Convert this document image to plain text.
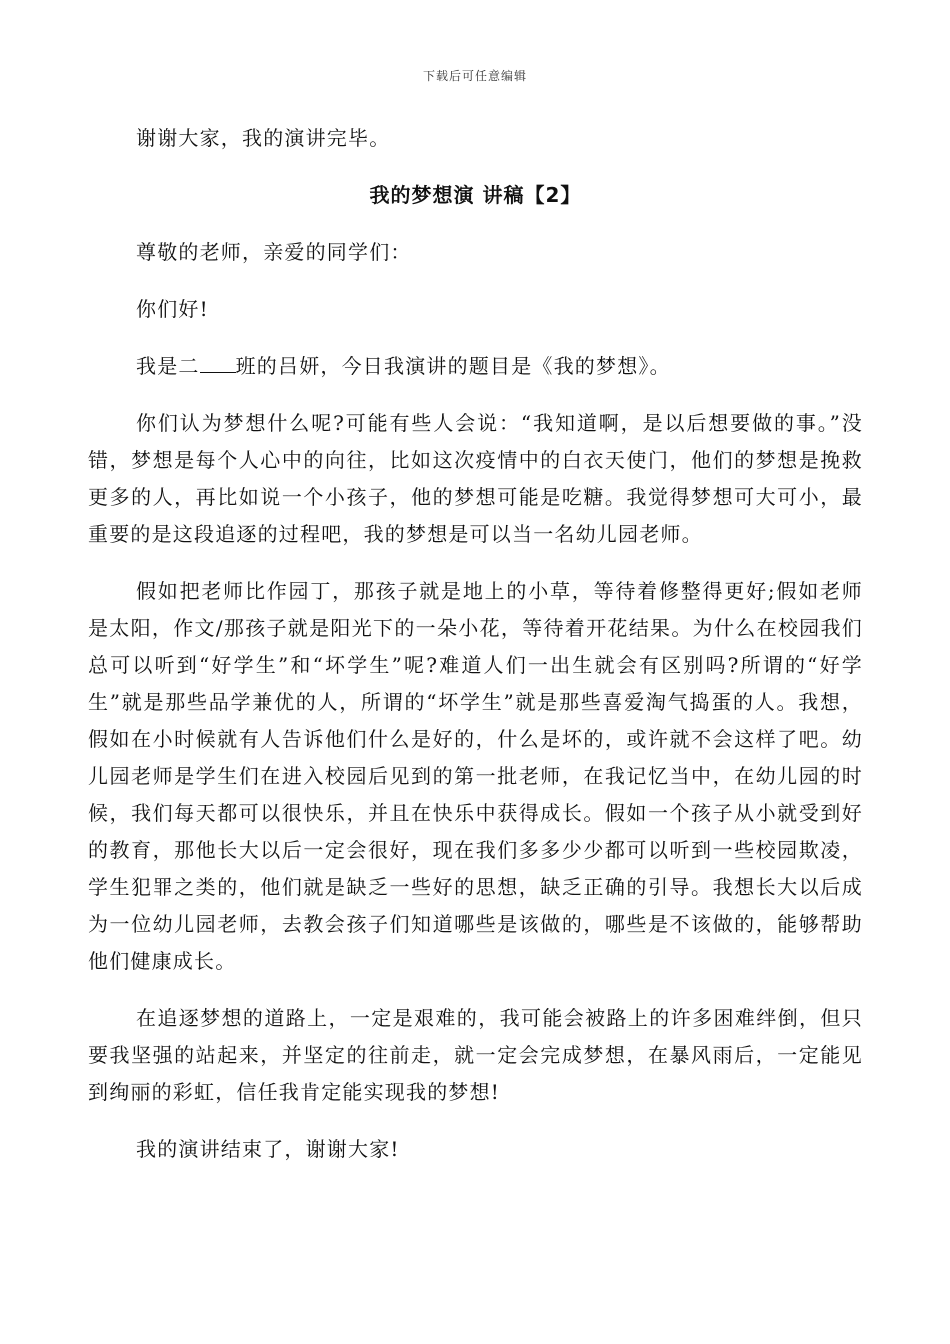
下载后可任意编辑

谢谢大家，我的演讲完毕。

我的梦想演 讲稿【2】

尊敬的老师，亲爱的同学们：

你们好!

我是二 班的吕妍，今日我演讲的题目是《我的梦想》。

你们认为梦想什么呢?可能有些人会说：“我知道啊，是以后想要做的事。”没错，梦想是每个人心中的向往，比如这次疫情中的白衣天使门，他们的梦想是挽救更多的人，再比如说一个小孩子，他的梦想可能是吃糖。我觉得梦想可大可小，最重要的是这段追逐的过程吧，我的梦想是可以当一名幼儿园老师。

假如把老师比作园丁，那孩子就是地上的小草，等待着修整得更好;假如老师是太阳，作文/那孩子就是阳光下的一朵小花，等待着开花结果。为什么在校园我们总可以听到“好学生”和“坏学生”呢?难道人们一出生就会有区别吗?所谓的“好学生”就是那些品学兼优的人，所谓的“坏学生”就是那些喜爱淘气捣蛋的人。我想，假如在小时候就有人告诉他们什么是好的，什么是坏的，或许就不会这样了吧。幼儿园老师是学生们在进入校园后见到的第一批老师，在我记忆当中，在幼儿园的时候，我们每天都可以很快乐，并且在快乐中获得成长。假如一个孩子从小就受到好的教育，那他长大以后一定会很好，现在我们多多少少都可以听到一些校园欺凌，学生犯罪之类的，他们就是缺乏一些好的思想，缺乏正确的引导。我想长大以后成为一位幼儿园老师，去教会孩子们知道哪些是该做的，哪些是不该做的，能够帮助他们健康成长。

在追逐梦想的道路上，一定是艰难的，我可能会被路上的许多困难绊倒，但只要我坚强的站起来，并坚定的往前走，就一定会完成梦想，在暴风雨后，一定能见到绚丽的彩虹，信任我肯定能实现我的梦想!

我的演讲结束了，谢谢大家!
